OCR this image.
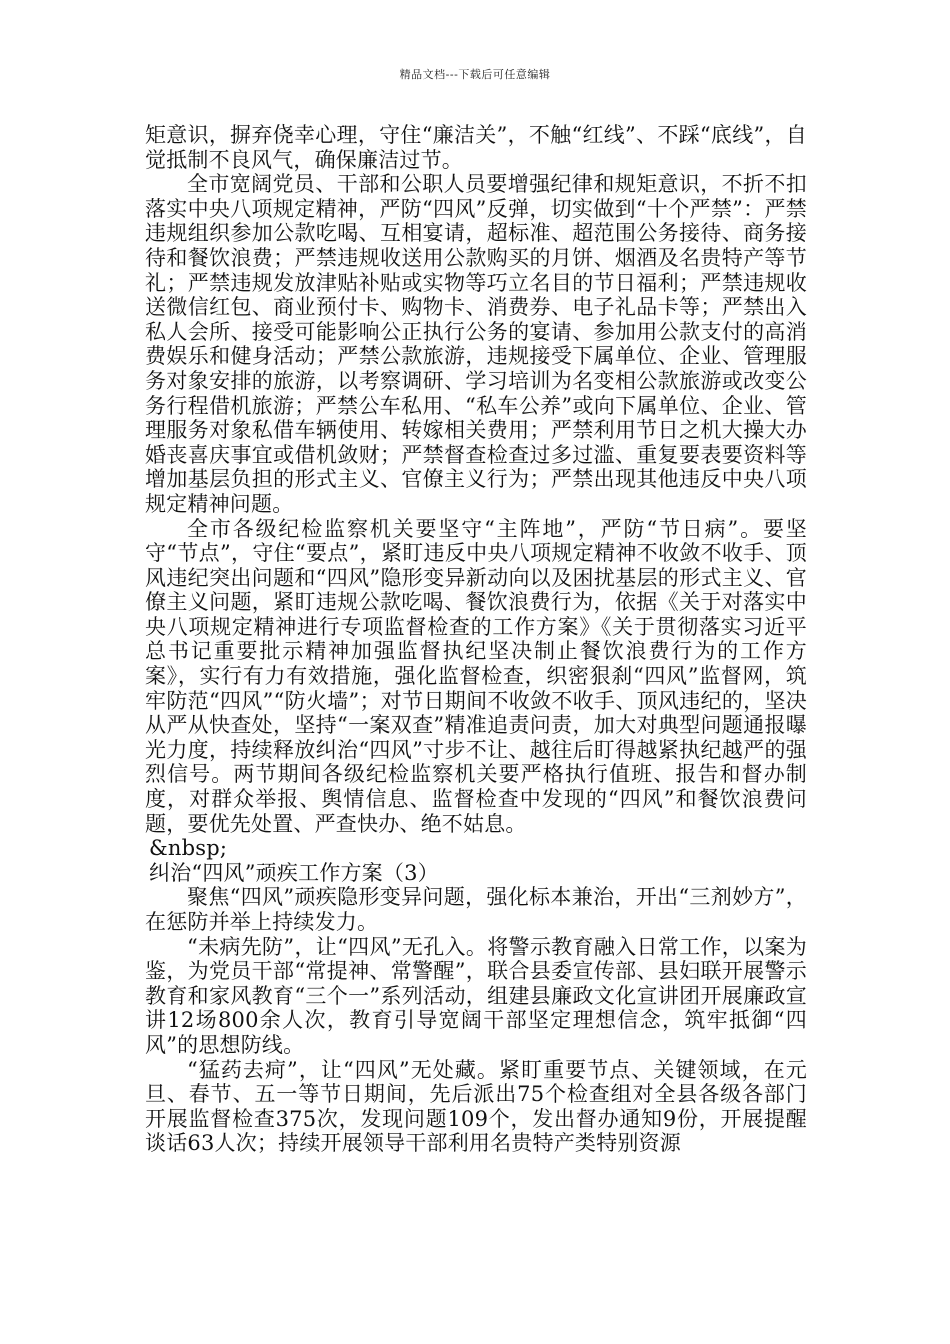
精品文档---下载后可任意编辑

矩意识，摒弃侥幸心理，守住“廉洁关”，不触“红线”、不踩“底线”，自觉抵制不良风气，确保廉洁过节。

全市宽阔党员、干部和公职人员要增强纪律和规矩意识，不折不扣落实中央八项规定精神，严防“四风”反弹，切实做到“十个严禁”：严禁违规组织参加公款吃喝、互相宴请，超标准、超范围公务接待、商务接待和餐饮浪费；严禁违规收送用公款购买的月饼、烟酒及名贵特产等节礼；严禁违规发放津贴补贴或实物等巧立名目的节日福利；严禁违规收送微信红包、商业预付卡、购物卡、消费券、电子礼品卡等；严禁出入私人会所、接受可能影响公正执行公务的宴请、参加用公款支付的高消费娱乐和健身活动；严禁公款旅游，违规接受下属单位、企业、管理服务对象安排的旅游，以考察调研、学习培训为名变相公款旅游或改变公务行程借机旅游；严禁公车私用、“私车公养”或向下属单位、企业、管理服务对象私借车辆使用、转嫁相关费用；严禁利用节日之机大操大办婚丧喜庆事宜或借机敛财；严禁督查检查过多过滥、重复要表要资料等增加基层负担的形式主义、官僚主义行为；严禁出现其他违反中央八项规定精神问题。

全市各级纪检监察机关要坚守“主阵地”，严防“节日病”。要坚守“节点”，守住“要点”，紧盯违反中央八项规定精神不收敛不收手、顶风违纪突出问题和“四风”隐形变异新动向以及困扰基层的形式主义、官僚主义问题，紧盯违规公款吃喝、餐饮浪费行为，依据《关于对落实中央八项规定精神进行专项监督检查的工作方案》《关于贯彻落实习近平总书记重要批示精神加强监督执纪坚决制止餐饮浪费行为的工作方案》，实行有力有效措施，强化监督检查，织密狠刹“四风”监督网，筑牢防范“四风”“防火墙”；对节日期间不收敛不收手、顶风违纪的，坚决从严从快查处，坚持“一案双查”精准追责问责，加大对典型问题通报曝光力度，持续释放纠治“四风”寸步不让、越往后盯得越紧执纪越严的强烈信号。两节期间各级纪检监察机关要严格执行值班、报告和督办制度，对群众举报、舆情信息、监督检查中发现的“四风”和餐饮浪费问题，要优先处置、严查快办、绝不姑息。

&nbsp;

纠治“四风”顽疾工作方案（3）

聚焦“四风”顽疾隐形变异问题，强化标本兼治，开出“三剂妙方”，在惩防并举上持续发力。

“未病先防”，让“四风”无孔入。将警示教育融入日常工作，以案为鉴，为党员干部“常提神、常警醒”，联合县委宣传部、县妇联开展警示教育和家风教育“三个一”系列活动，组建县廉政文化宣讲团开展廉政宣讲12场800余人次，教育引导宽阔干部坚定理想信念，筑牢抵御“四风”的思想防线。

“猛药去疴”，让“四风”无处藏。紧盯重要节点、关键领域，在元旦、春节、五一等节日期间，先后派出75个检查组对全县各级各部门开展监督检查375次，发现问题109个，发出督办通知9份，开展提醒谈话63人次；持续开展领导干部利用名贵特产类特别资源
